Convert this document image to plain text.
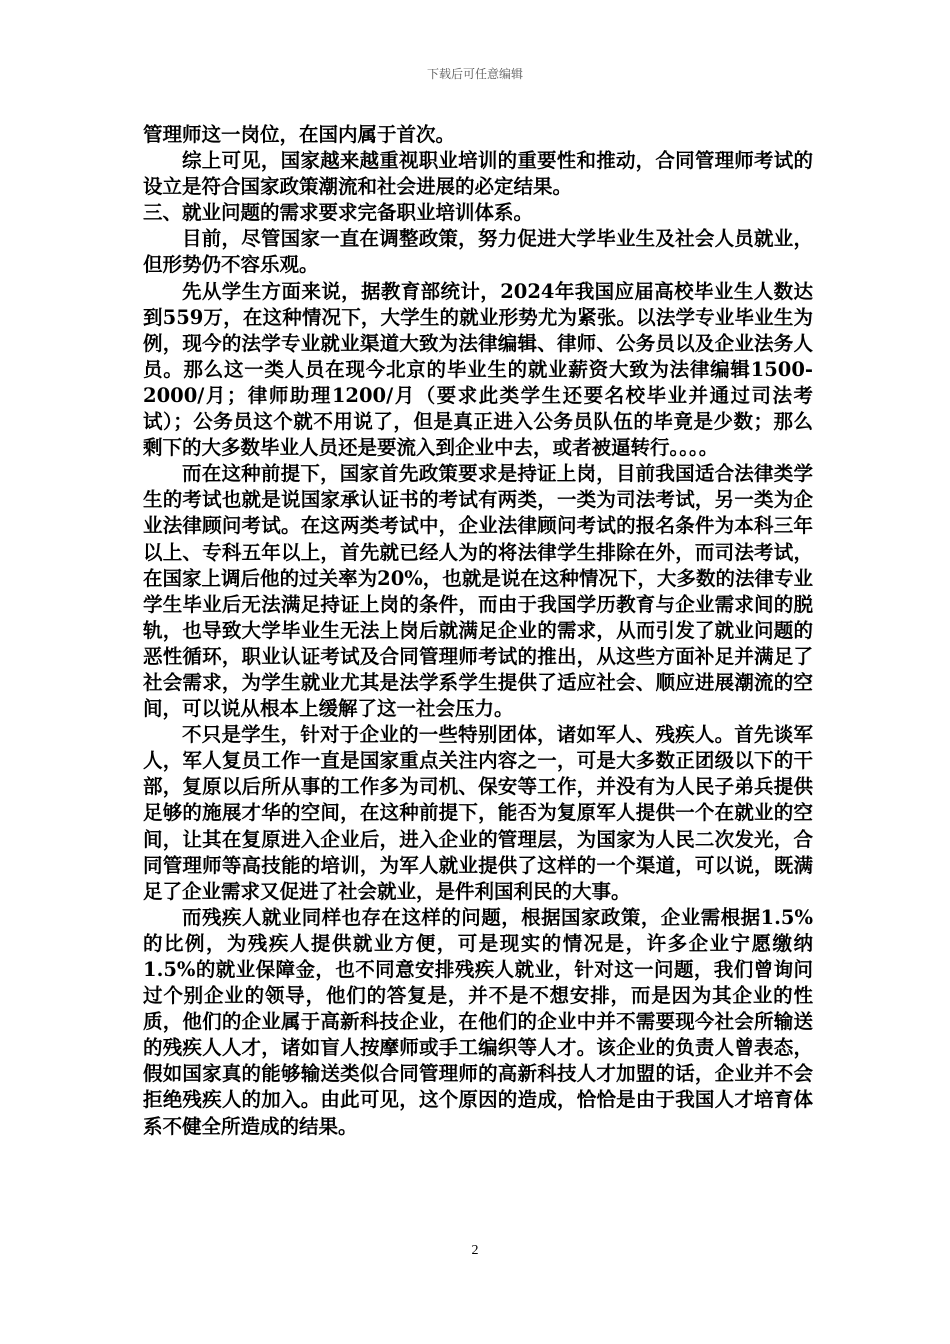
下载后可任意编辑

管理师这一岗位，在国内属于首次。

综上可见，国家越来越重视职业培训的重要性和推动，合同管理师考试的设立是符合国家政策潮流和社会进展的必定结果。

三、就业问题的需求要求完备职业培训体系。

目前，尽管国家一直在调整政策，努力促进大学毕业生及社会人员就业，但形势仍不容乐观。

先从学生方面来说，据教育部统计，2024年我国应届高校毕业生人数达到559万，在这种情况下，大学生的就业形势尤为紧张。以法学专业毕业生为例，现今的法学专业就业渠道大致为法律编辑、律师、公务员以及企业法务人员。那么这一类人员在现今北京的毕业生的就业薪资大致为法律编辑1500-2000/月；律师助理1200/月（要求此类学生还要名校毕业并通过司法考试）；公务员这个就不用说了，但是真正进入公务员队伍的毕竟是少数；那么剩下的大多数毕业人员还是要流入到企业中去，或者被逼转行。。。。

而在这种前提下，国家首先政策要求是持证上岗，目前我国适合法律类学生的考试也就是说国家承认证书的考试有两类，一类为司法考试，另一类为企业法律顾问考试。在这两类考试中，企业法律顾问考试的报名条件为本科三年以上、专科五年以上，首先就已经人为的将法律学生排除在外，而司法考试，在国家上调后他的过关率为20%，也就是说在这种情况下，大多数的法律专业学生毕业后无法满足持证上岗的条件，而由于我国学历教育与企业需求间的脱轨，也导致大学毕业生无法上岗后就满足企业的需求，从而引发了就业问题的恶性循环，职业认证考试及合同管理师考试的推出，从这些方面补足并满足了社会需求，为学生就业尤其是法学系学生提供了适应社会、顺应进展潮流的空间，可以说从根本上缓解了这一社会压力。

不只是学生，针对于企业的一些特别团体，诸如军人、残疾人。首先谈军人，军人复员工作一直是国家重点关注内容之一，可是大多数正团级以下的干部，复原以后所从事的工作多为司机、保安等工作，并没有为人民子弟兵提供足够的施展才华的空间，在这种前提下，能否为复原军人提供一个在就业的空间，让其在复原进入企业后，进入企业的管理层，为国家为人民二次发光，合同管理师等高技能的培训，为军人就业提供了这样的一个渠道，可以说，既满足了企业需求又促进了社会就业，是件利国利民的大事。

而残疾人就业同样也存在这样的问题，根据国家政策，企业需根据1.5%的比例，为残疾人提供就业方便，可是现实的情况是，许多企业宁愿缴纳1.5%的就业保障金，也不同意安排残疾人就业，针对这一问题，我们曾询问过个别企业的领导，他们的答复是，并不是不想安排，而是因为其企业的性质，他们的企业属于高新科技企业，在他们的企业中并不需要现今社会所输送的残疾人人才，诸如盲人按摩师或手工编织等人才。该企业的负责人曾表态，假如国家真的能够输送类似合同管理师的高新科技人才加盟的话，企业并不会拒绝残疾人的加入。由此可见，这个原因的造成，恰恰是由于我国人才培育体系不健全所造成的结果。

2
